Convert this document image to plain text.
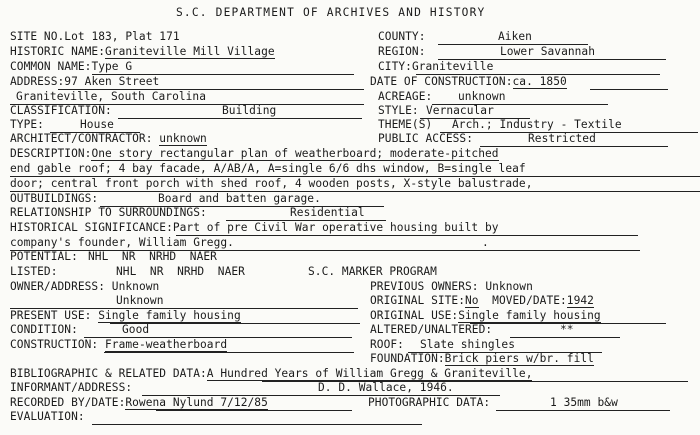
S.C. DEPARTMENT OF ARCHIVES AND HISTORY
SITE NO.Lot 183, Plat 171	COUNTY:	Aiken
HISTORIC NAME:Graniteville Mill Village	REGION:	Lower Savannah
COMMON NAME:Type G	CITY:Graniteville
ADDRESS:97 Aken Street	DATE OF CONSTRUCTION:ca. 1850
Graniteville, South Carolina	ACREAGE: unknown
CLASSIFICATION:	Building	STYLE: Vernacular
TYPE:	House	THEME(S) Arch.; Industry - Textile
ARCHITECT/CONTRACTOR: unknown	PUBLIC ACCESS:	Restricted
DESCRIPTION:One story rectangular plan of weatherboard; moderate-pitched
end gable roof; 4 bay facade, A/AB/A, A=single 6/6 dhs window, B=single leaf
door; central front porch with shed roof, 4 wooden posts, X-style balustrade,
OUTBUILDINGS:	Board and batten garage.
RELATIONSHIP TO SURROUNDINGS:	Residential
HISTORICAL SIGNIFICANCE:Part of pre Civil War operative housing built by
company's founder, William Gregg.	.
POTENTIAL: NHL  NR  NRHD  NAER
LISTED:	NHL  NR  NRHD  NAER	S.C. MARKER PROGRAM
OWNER/ADDRESS: Unknown
Unknown
PREVIOUS OWNERS: Unknown
ORIGINAL SITE:No MOVED/DATE:1942
PRESENT USE: Single family housing	ORIGINAL USE:Single family housing
CONDITION:	Good	ALTERED/UNALTERED:	**
CONSTRUCTION: Frame-weatherboard	ROOF: Slate shingles
FOUNDATION:Brick piers w/br. fill
BIBLIOGRAPHIC & RELATED DATA:A Hundred Years of William Gregg & Graniteville,
INFORMANT/ADDRESS:	D. D. Wallace, 1946.
RECORDED BY/DATE:Rowena Nylund 7/12/85	PHOTOGRAPHIC DATA:	1 35mm b&w
EVALUATION:
